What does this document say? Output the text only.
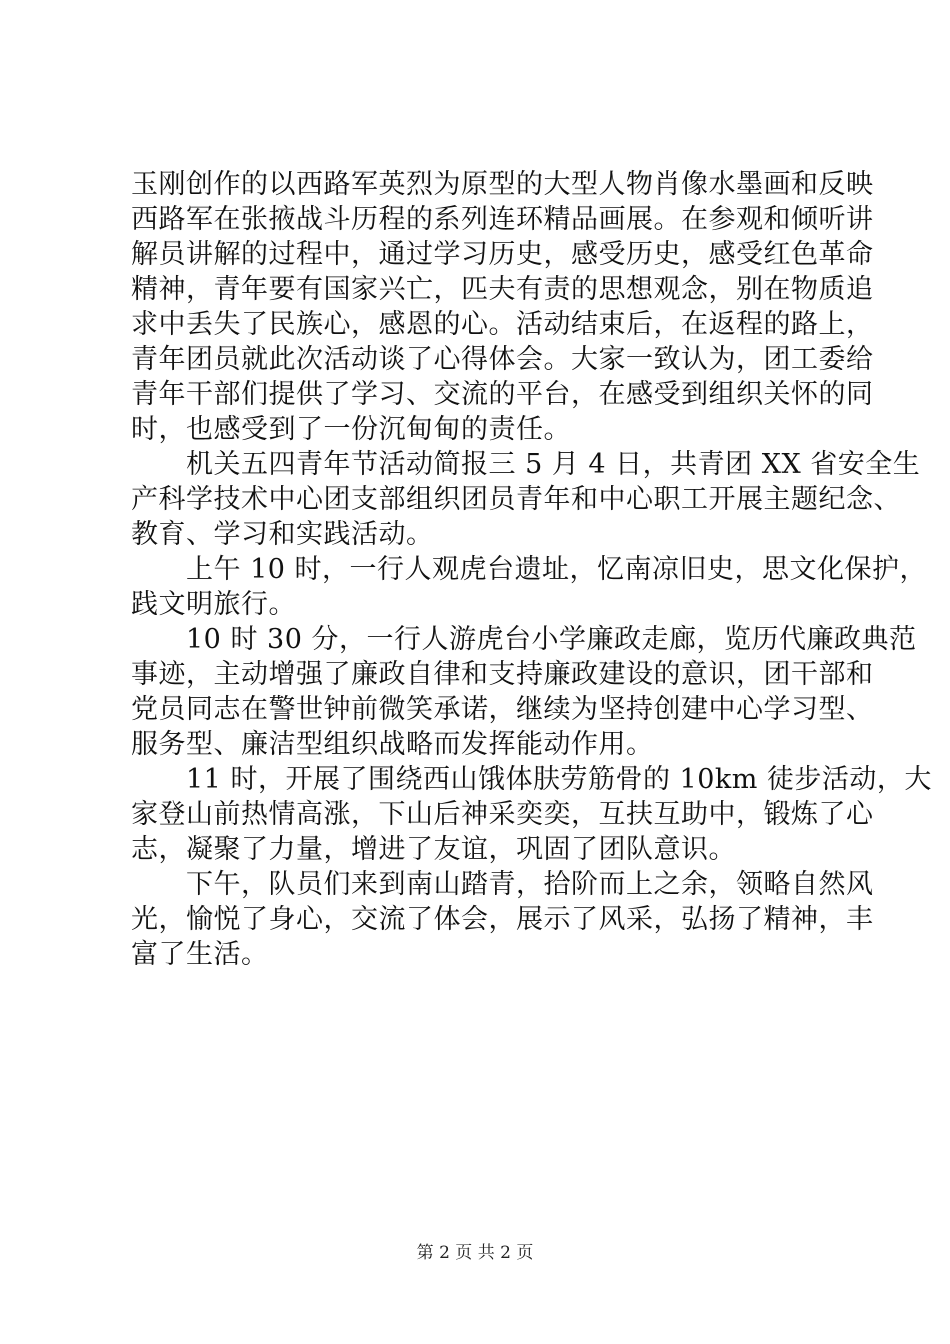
玉刚创作的以西路军英烈为原型的大型人物肖像水墨画和反映
西路军在张掖战斗历程的系列连环精品画展。在参观和倾听讲
解员讲解的过程中，通过学习历史，感受历史，感受红色革命
精神，青年要有国家兴亡，匹夫有责的思想观念，别在物质追
求中丢失了民族心，感恩的心。活动结束后，在返程的路上，
青年团员就此次活动谈了心得体会。大家一致认为，团工委给
青年干部们提供了学习、交流的平台，在感受到组织关怀的同
时，也感受到了一份沉甸甸的责任。
　　机关五四青年节活动简报三 5 月 4 日，共青团 XX 省安全生
产科学技术中心团支部组织团员青年和中心职工开展主题纪念、
教育、学习和实践活动。
　　上午 10 时，一行人观虎台遗址，忆南凉旧史，思文化保护，
践文明旅行。
　　10 时 30 分，一行人游虎台小学廉政走廊，览历代廉政典范
事迹，主动增强了廉政自律和支持廉政建设的意识，团干部和
党员同志在警世钟前微笑承诺，继续为坚持创建中心学习型、
服务型、廉洁型组织战略而发挥能动作用。
　　11 时，开展了围绕西山饿体肤劳筋骨的 10km 徒步活动，大
家登山前热情高涨，下山后神采奕奕，互扶互助中，锻炼了心
志，凝聚了力量，增进了友谊，巩固了团队意识。
　　下午，队员们来到南山踏青，拾阶而上之余，领略自然风
光，愉悦了身心，交流了体会，展示了风采，弘扬了精神，丰
富了生活。
第 2 页 共 2 页
